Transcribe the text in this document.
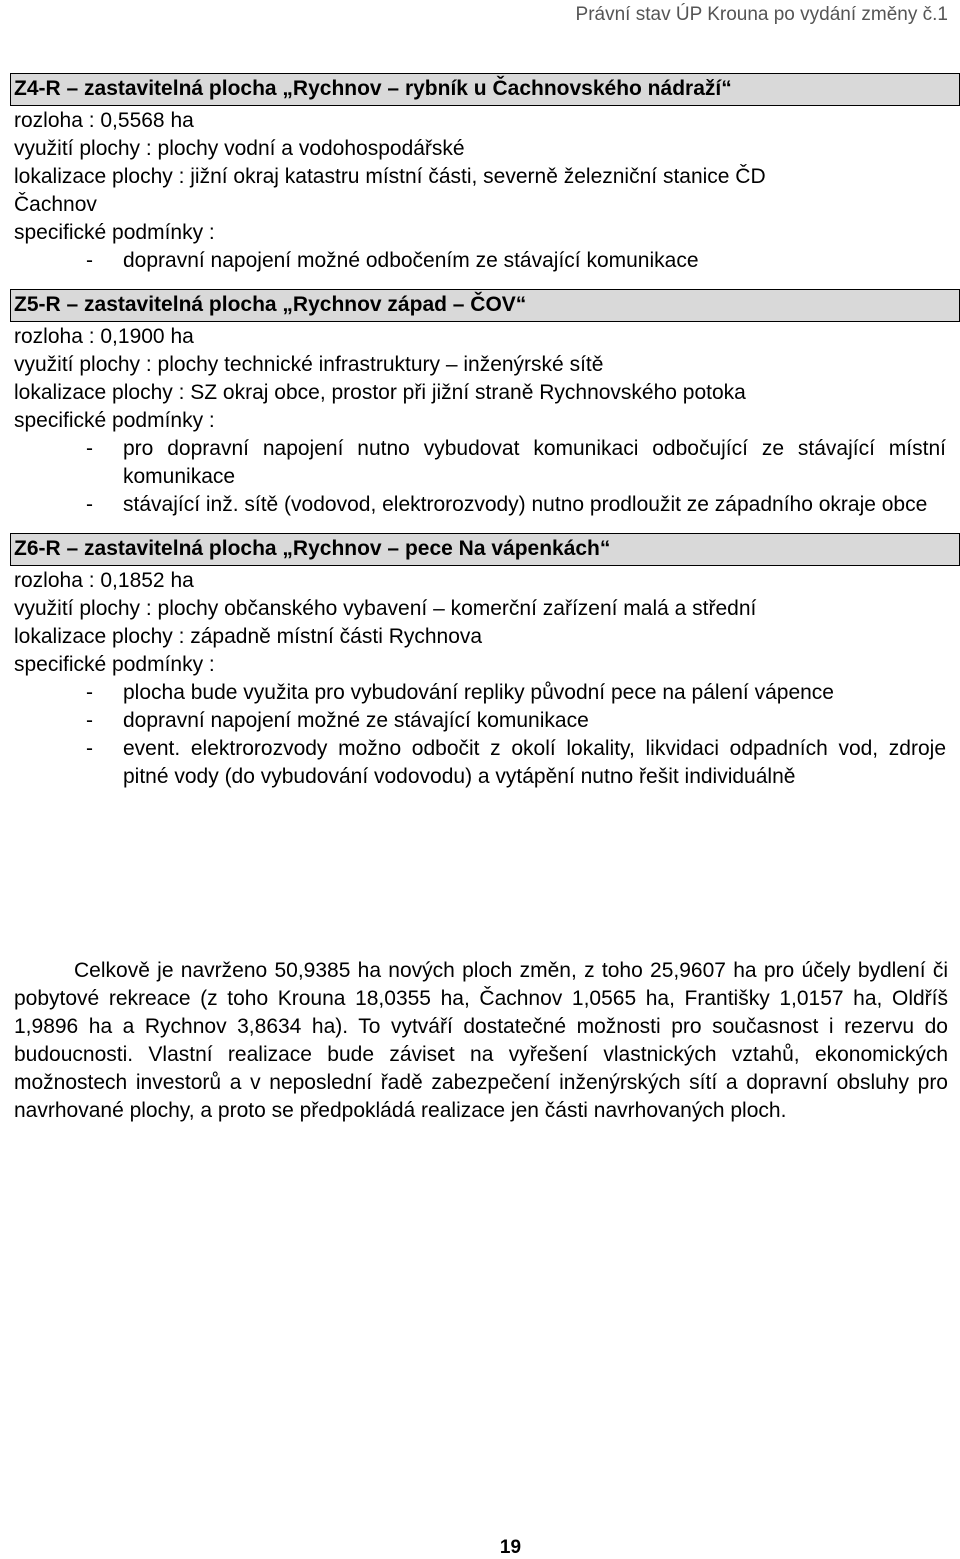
Právní stav ÚP Krouna po vydání změny č.1
Z4-R – zastavitelná plocha „Rychnov – rybník u Čachnovského nádraží“
rozloha : 0,5568 ha
využití plochy : plochy vodní a vodohospodářské
lokalizace plochy : jižní okraj katastru místní části, severně železniční stanice ČD
Čachnov
specifické podmínky :
- dopravní napojení možné odbočením ze stávající komunikace
Z5-R – zastavitelná plocha „Rychnov západ – ČOV“
rozloha : 0,1900 ha
využití plochy : plochy technické infrastruktury – inženýrské sítě
lokalizace plochy : SZ okraj obce, prostor při jižní straně Rychnovského potoka
specifické podmínky :
- pro dopravní napojení nutno vybudovat komunikaci odbočující ze stávající místní komunikace
- stávající inž. sítě (vodovod, elektrorozvody) nutno prodloužit ze západního okraje obce
Z6-R – zastavitelná plocha „Rychnov – pece Na vápenkách“
rozloha : 0,1852 ha
využití plochy : plochy občanského vybavení – komerční zařízení malá a střední
lokalizace plochy : západně místní části Rychnova
specifické podmínky :
- plocha bude využita pro vybudování repliky původní pece na pálení vápence
- dopravní napojení možné ze stávající komunikace
- event. elektrorozvody možno odbočit z okolí lokality, likvidaci odpadních vod, zdroje pitné vody (do vybudování vodovodu) a vytápění nutno řešit individuálně

Celkově je navrženo 50,9385 ha nových ploch změn, z toho 25,9607 ha pro účely bydlení či pobytové rekreace (z toho Krouna 18,0355 ha, Čachnov 1,0565 ha, Františky 1,0157 ha, Oldříš 1,9896 ha a Rychnov 3,8634 ha). To vytváří dostatečné možnosti pro současnost i rezervu do budoucnosti. Vlastní realizace bude záviset na vyřešení vlastnických vztahů, ekonomických možnostech investorů a v neposlední řadě zabezpečení inženýrských sítí a dopravní obsluhy pro navrhované plochy, a proto se předpokládá realizace jen části navrhovaných ploch.

19
